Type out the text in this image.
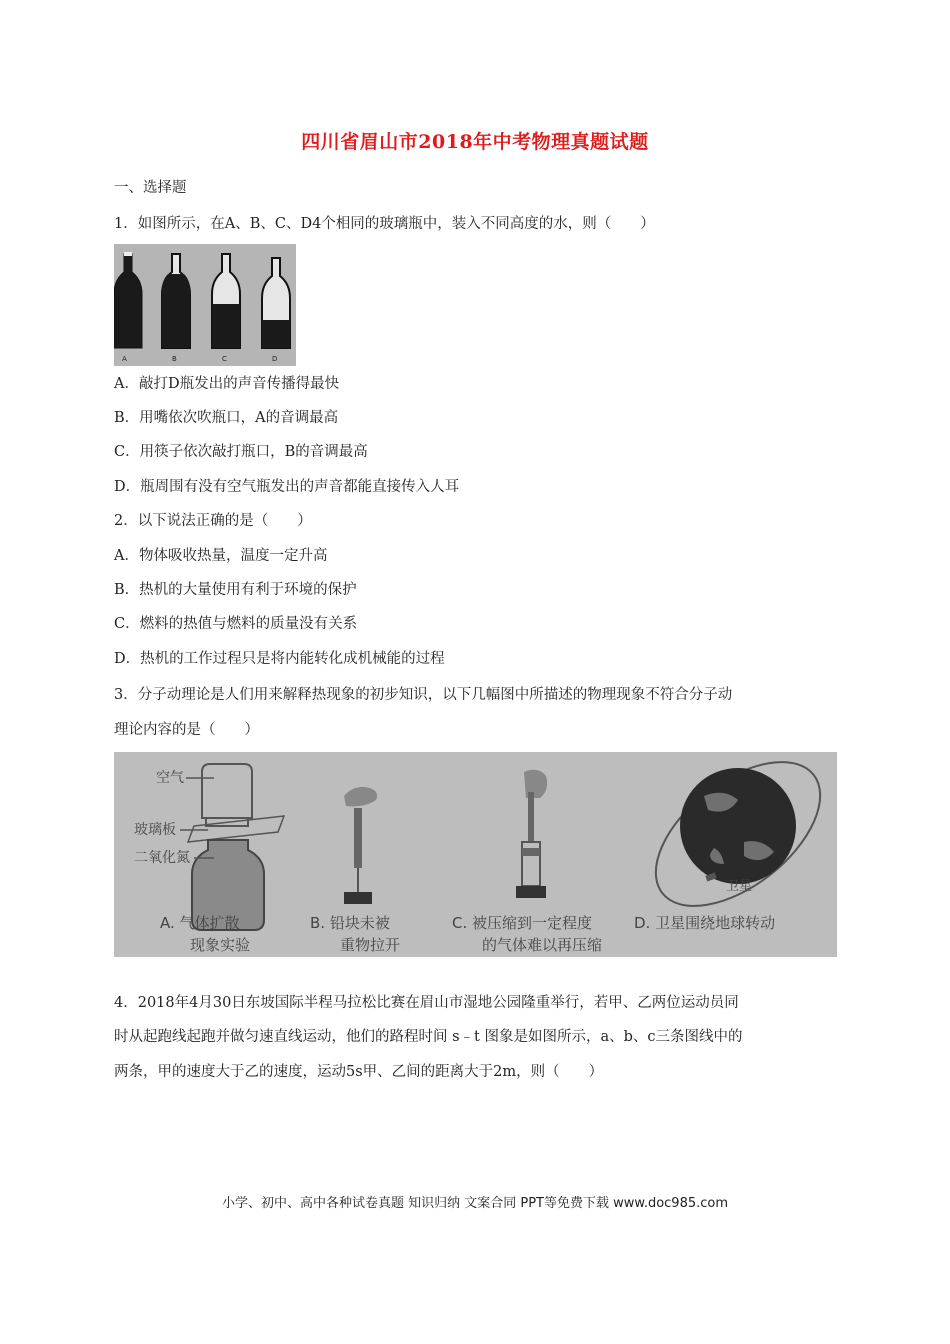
四川省眉山市2018年中考物理真题试题
一、选择题
1．如图所示，在A、B、C、D4个相同的玻璃瓶中，装入不同高度的水，则（　　）
A	B	C	D
A．敲打D瓶发出的声音传播得最快
B．用嘴依次吹瓶口，A的音调最高
C．用筷子依次敲打瓶口，B的音调最高
D．瓶周围有没有空气瓶发出的声音都能直接传入人耳
2．以下说法正确的是（　　）
A．物体吸收热量，温度一定升高
B．热机的大量使用有利于环境的保护
C．燃料的热值与燃料的质量没有关系
D．热机的工作过程只是将内能转化成机械能的过程
3．分子动理论是人们用来解释热现象的初步知识，以下几幅图中所描述的物理现象不符合分子动
理论内容的是（　　）
空气
玻璃板
二氧化氮
A. 气体扩散
现象实验
B. 铅块未被
重物拉开
C. 被压缩到一定程度
的气体难以再压缩
卫星
D. 卫星围绕地球转动
4．2018年4月30日东坡国际半程马拉松比赛在眉山市湿地公园隆重举行，若甲、乙两位运动员同
时从起跑线起跑并做匀速直线运动，他们的路程时间 s﹣t 图象是如图所示，a、b、c三条图线中的
两条，甲的速度大于乙的速度，运动5s甲、乙间的距离大于2m，则（　　）
小学、初中、高中各种试卷真题 知识归纳 文案合同 PPT等免费下载 www.doc985.com
